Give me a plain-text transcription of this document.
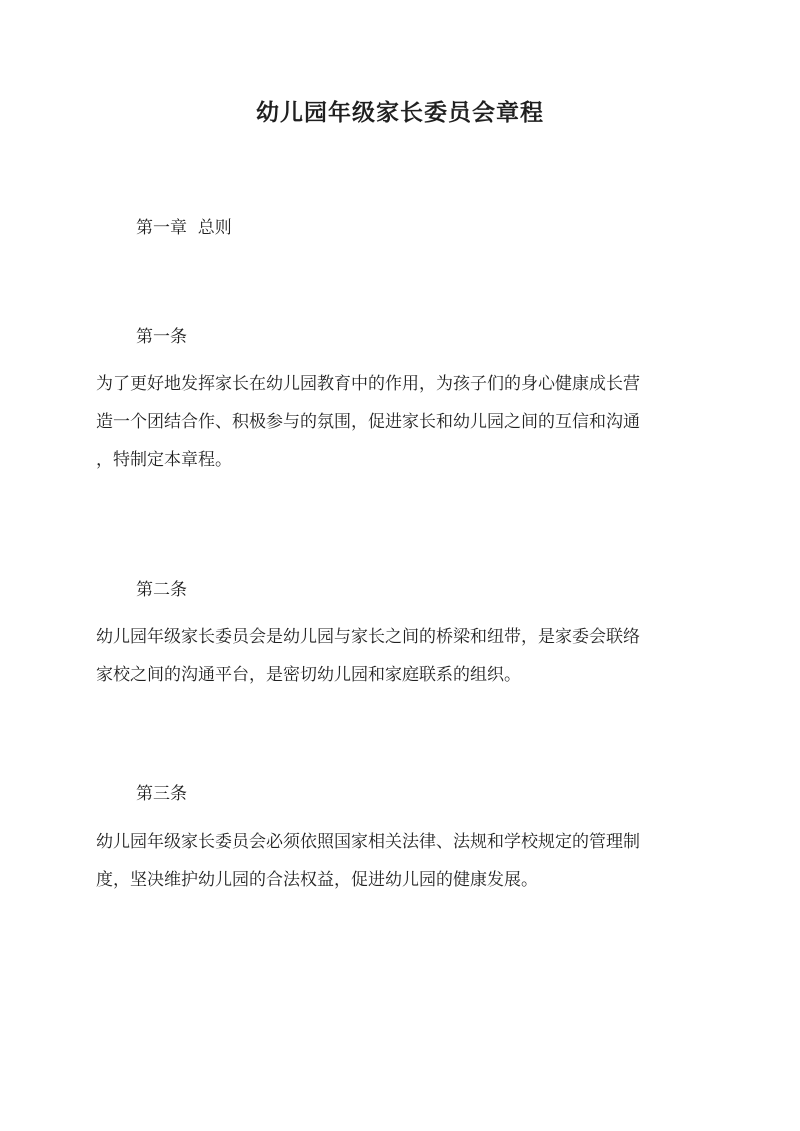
幼儿园年级家长委员会章程

第一章  总则

第一条

为了更好地发挥家长在幼儿园教育中的作用，为孩子们的身心健康成长营
造一个团结合作、积极参与的氛围，促进家长和幼儿园之间的互信和沟通
，特制定本章程。

第二条

幼儿园年级家长委员会是幼儿园与家长之间的桥梁和纽带，是家委会联络
家校之间的沟通平台，是密切幼儿园和家庭联系的组织。

第三条

幼儿园年级家长委员会必须依照国家相关法律、法规和学校规定的管理制
度，坚决维护幼儿园的合法权益，促进幼儿园的健康发展。
